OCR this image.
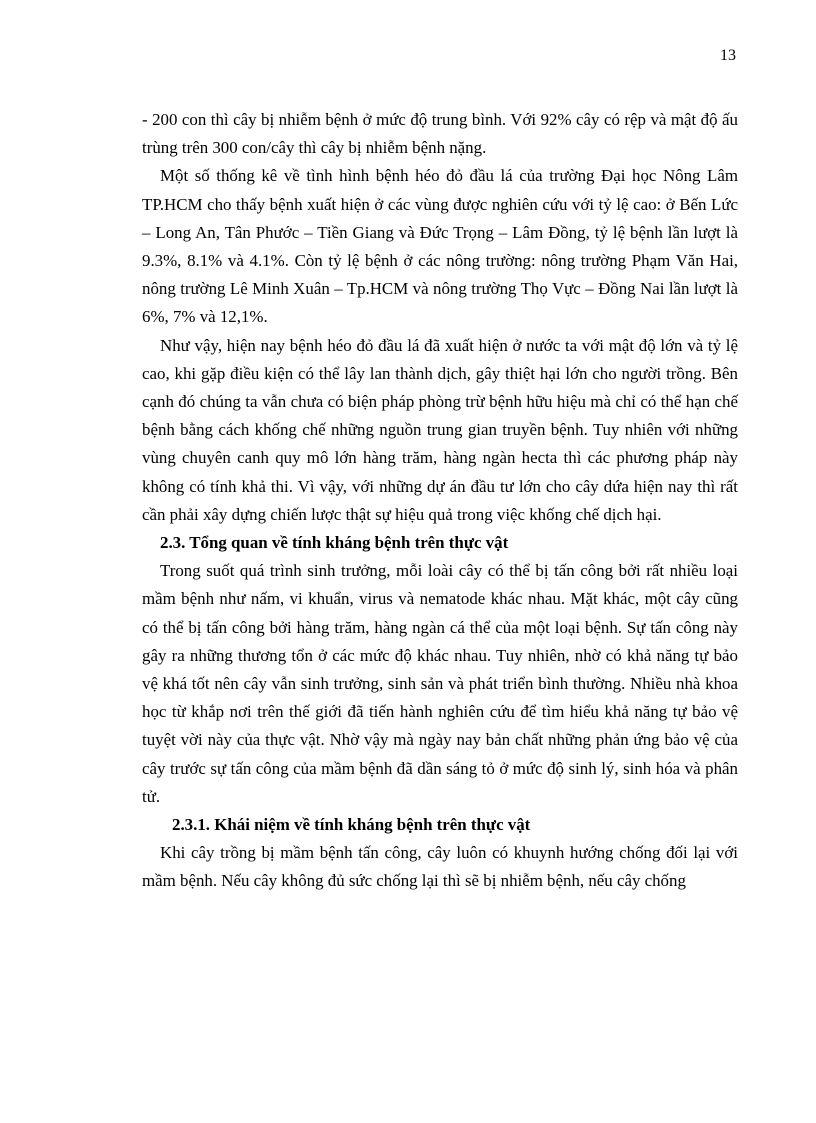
13

- 200 con thì cây bị nhiễm bệnh ở mức độ trung bình. Với 92% cây có rệp và mật độ ấu trùng trên 300 con/cây thì cây bị nhiễm bệnh nặng.

Một số thống kê về tình hình bệnh héo đỏ đầu lá của trường Đại học Nông Lâm TP.HCM cho thấy bệnh xuất hiện ở các vùng được nghiên cứu với tỷ lệ cao: ở Bến Lức – Long An, Tân Phước – Tiền Giang và Đức Trọng – Lâm Đồng, tỷ lệ bệnh lần lượt là 9.3%, 8.1% và 4.1%. Còn tỷ lệ bệnh ở các nông trường: nông trường Phạm Văn Hai, nông trường Lê Minh Xuân – Tp.HCM và nông trường Thọ Vực – Đồng Nai lần lượt là 6%, 7% và 12,1%.

Như vậy, hiện nay bệnh héo đỏ đầu lá đã xuất hiện ở nước ta với mật độ lớn và tỷ lệ cao, khi gặp điều kiện có thể lây lan thành dịch, gây thiệt hại lớn cho người trồng. Bên cạnh đó chúng ta vẫn chưa có biện pháp phòng trừ bệnh hữu hiệu mà chỉ có thể hạn chế bệnh bằng cách khống chế những nguồn trung gian truyền bệnh. Tuy nhiên với những vùng chuyên canh quy mô lớn hàng trăm, hàng ngàn hecta thì các phương pháp này không có tính khả thi. Vì vậy, với những dự án đầu tư lớn cho cây dứa hiện nay thì rất cần phải xây dựng chiến lược thật sự hiệu quả trong việc khống chế dịch hại.

2.3. Tổng quan về tính kháng bệnh trên thực vật

Trong suốt quá trình sinh trưởng, mỗi loài cây có thể bị tấn công bởi rất nhiều loại mầm bệnh như nấm, vi khuẩn, virus và nematode khác nhau. Mặt khác, một cây cũng có thể bị tấn công bởi hàng trăm, hàng ngàn cá thể của một loại bệnh. Sự tấn công này gây ra những thương tổn ở các mức độ khác nhau. Tuy nhiên, nhờ có khả năng tự bảo vệ khá tốt nên cây vẫn sinh trưởng, sinh sản và phát triển bình thường. Nhiều nhà khoa học từ khắp nơi trên thế giới đã tiến hành nghiên cứu để tìm hiểu khả năng tự bảo vệ tuyệt vời này của thực vật. Nhờ vậy mà ngày nay bản chất những phản ứng bảo vệ của cây trước sự tấn công của mầm bệnh đã dần sáng tỏ ở mức độ sinh lý, sinh hóa và phân tử.

2.3.1. Khái niệm về tính kháng bệnh trên thực vật

Khi cây trồng bị mầm bệnh tấn công, cây luôn có khuynh hướng chống đối lại với mầm bệnh. Nếu cây không đủ sức chống lại thì sẽ bị nhiễm bệnh, nếu cây chống
